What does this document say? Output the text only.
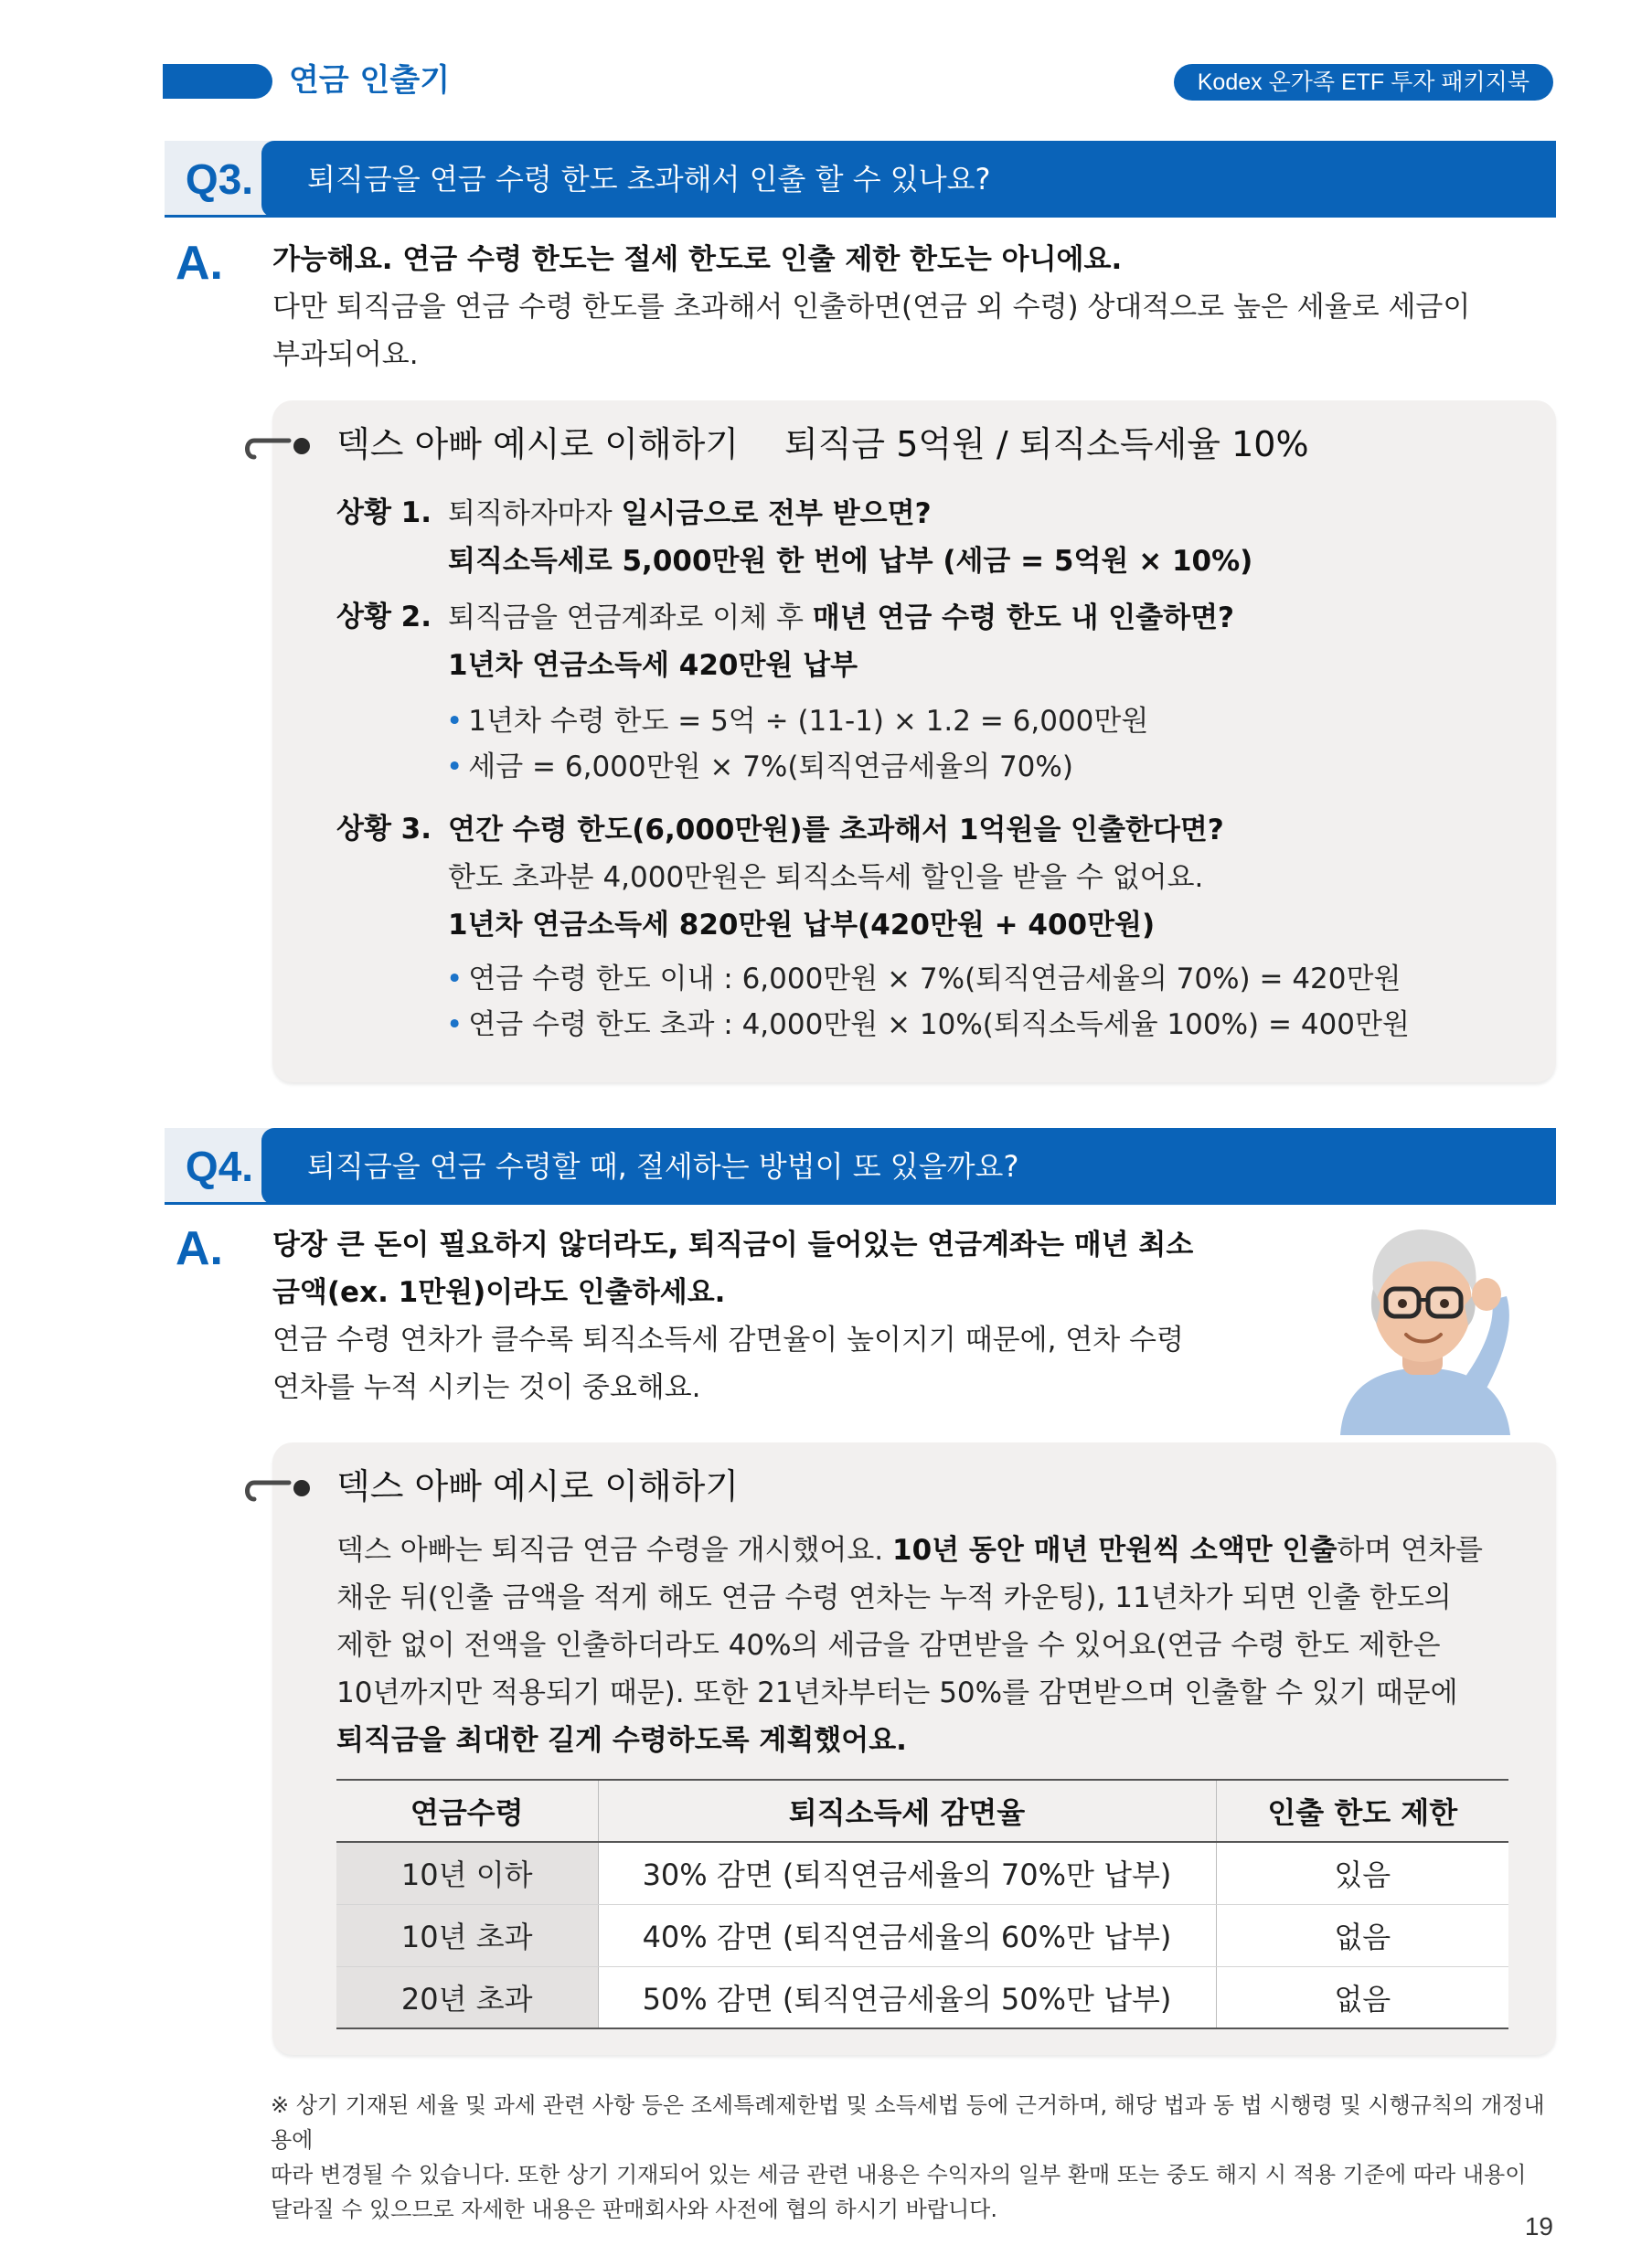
연금 인출기	Kodex 온가족 ETF 투자 패키지북
Q3.	퇴직금을 연금 수령 한도 초과해서 인출 할 수 있나요?
A. 가능해요. 연금 수령 한도는 절세 한도로 인출 제한 한도는 아니에요.
다만 퇴직금을 연금 수령 한도를 초과해서 인출하면(연금 외 수령) 상대적으로 높은 세율로 세금이
부과되어요.
덱스 아빠 예시로 이해하기 퇴직금 5억원 / 퇴직소득세율 10%
상황 1. 퇴직하자마자 일시금으로 전부 받으면?
퇴직소득세로 5,000만원 한 번에 납부 (세금 = 5억원 × 10%)
상황 2. 퇴직금을 연금계좌로 이체 후 매년 연금 수령 한도 내 인출하면?
1년차 연금소득세 420만원 납부
• 1년차 수령 한도 = 5억 ÷ (11-1) × 1.2 = 6,000만원
• 세금 = 6,000만원 × 7%(퇴직연금세율의 70%)
상황 3. 연간 수령 한도(6,000만원)를 초과해서 1억원을 인출한다면?
한도 초과분 4,000만원은 퇴직소득세 할인을 받을 수 없어요.
1년차 연금소득세 820만원 납부(420만원 + 400만원)
• 연금 수령 한도 이내 : 6,000만원 × 7%(퇴직연금세율의 70%) = 420만원
• 연금 수령 한도 초과 : 4,000만원 × 10%(퇴직소득세율 100%) = 400만원
Q4.	퇴직금을 연금 수령할 때, 절세하는 방법이 또 있을까요?
A. 당장 큰 돈이 필요하지 않더라도, 퇴직금이 들어있는 연금계좌는 매년 최소
금액(ex. 1만원)이라도 인출하세요.
연금 수령 연차가 클수록 퇴직소득세 감면율이 높이지기 때문에, 연차 수령
연차를 누적 시키는 것이 중요해요.
덱스 아빠 예시로 이해하기
덱스 아빠는 퇴직금 연금 수령을 개시했어요. 10년 동안 매년 만원씩 소액만 인출하며 연차를
채운 뒤(인출 금액을 적게 해도 연금 수령 연차는 누적 카운팅), 11년차가 되면 인출 한도의
제한 없이 전액을 인출하더라도 40%의 세금을 감면받을 수 있어요(연금 수령 한도 제한은
10년까지만 적용되기 때문). 또한 21년차부터는 50%를 감면받으며 인출할 수 있기 때문에
퇴직금을 최대한 길게 수령하도록 계획했어요.
연금수령	퇴직소득세 감면율	인출 한도 제한
10년 이하	30% 감면 (퇴직연금세율의 70%만 납부)	있음
10년 초과	40% 감면 (퇴직연금세율의 60%만 납부)	없음
20년 초과	50% 감면 (퇴직연금세율의 50%만 납부)	없음
※ 상기 기재된 세율 및 과세 관련 사항 등은 조세특례제한법 및 소득세법 등에 근거하며, 해당 법과 동 법 시행령 및 시행규칙의 개정내용에
따라 변경될 수 있습니다. 또한 상기 기재되어 있는 세금 관련 내용은 수익자의 일부 환매 또는 중도 해지 시 적용 기준에 따라 내용이
달라질 수 있으므로 자세한 내용은 판매회사와 사전에 협의 하시기 바랍니다.
19
